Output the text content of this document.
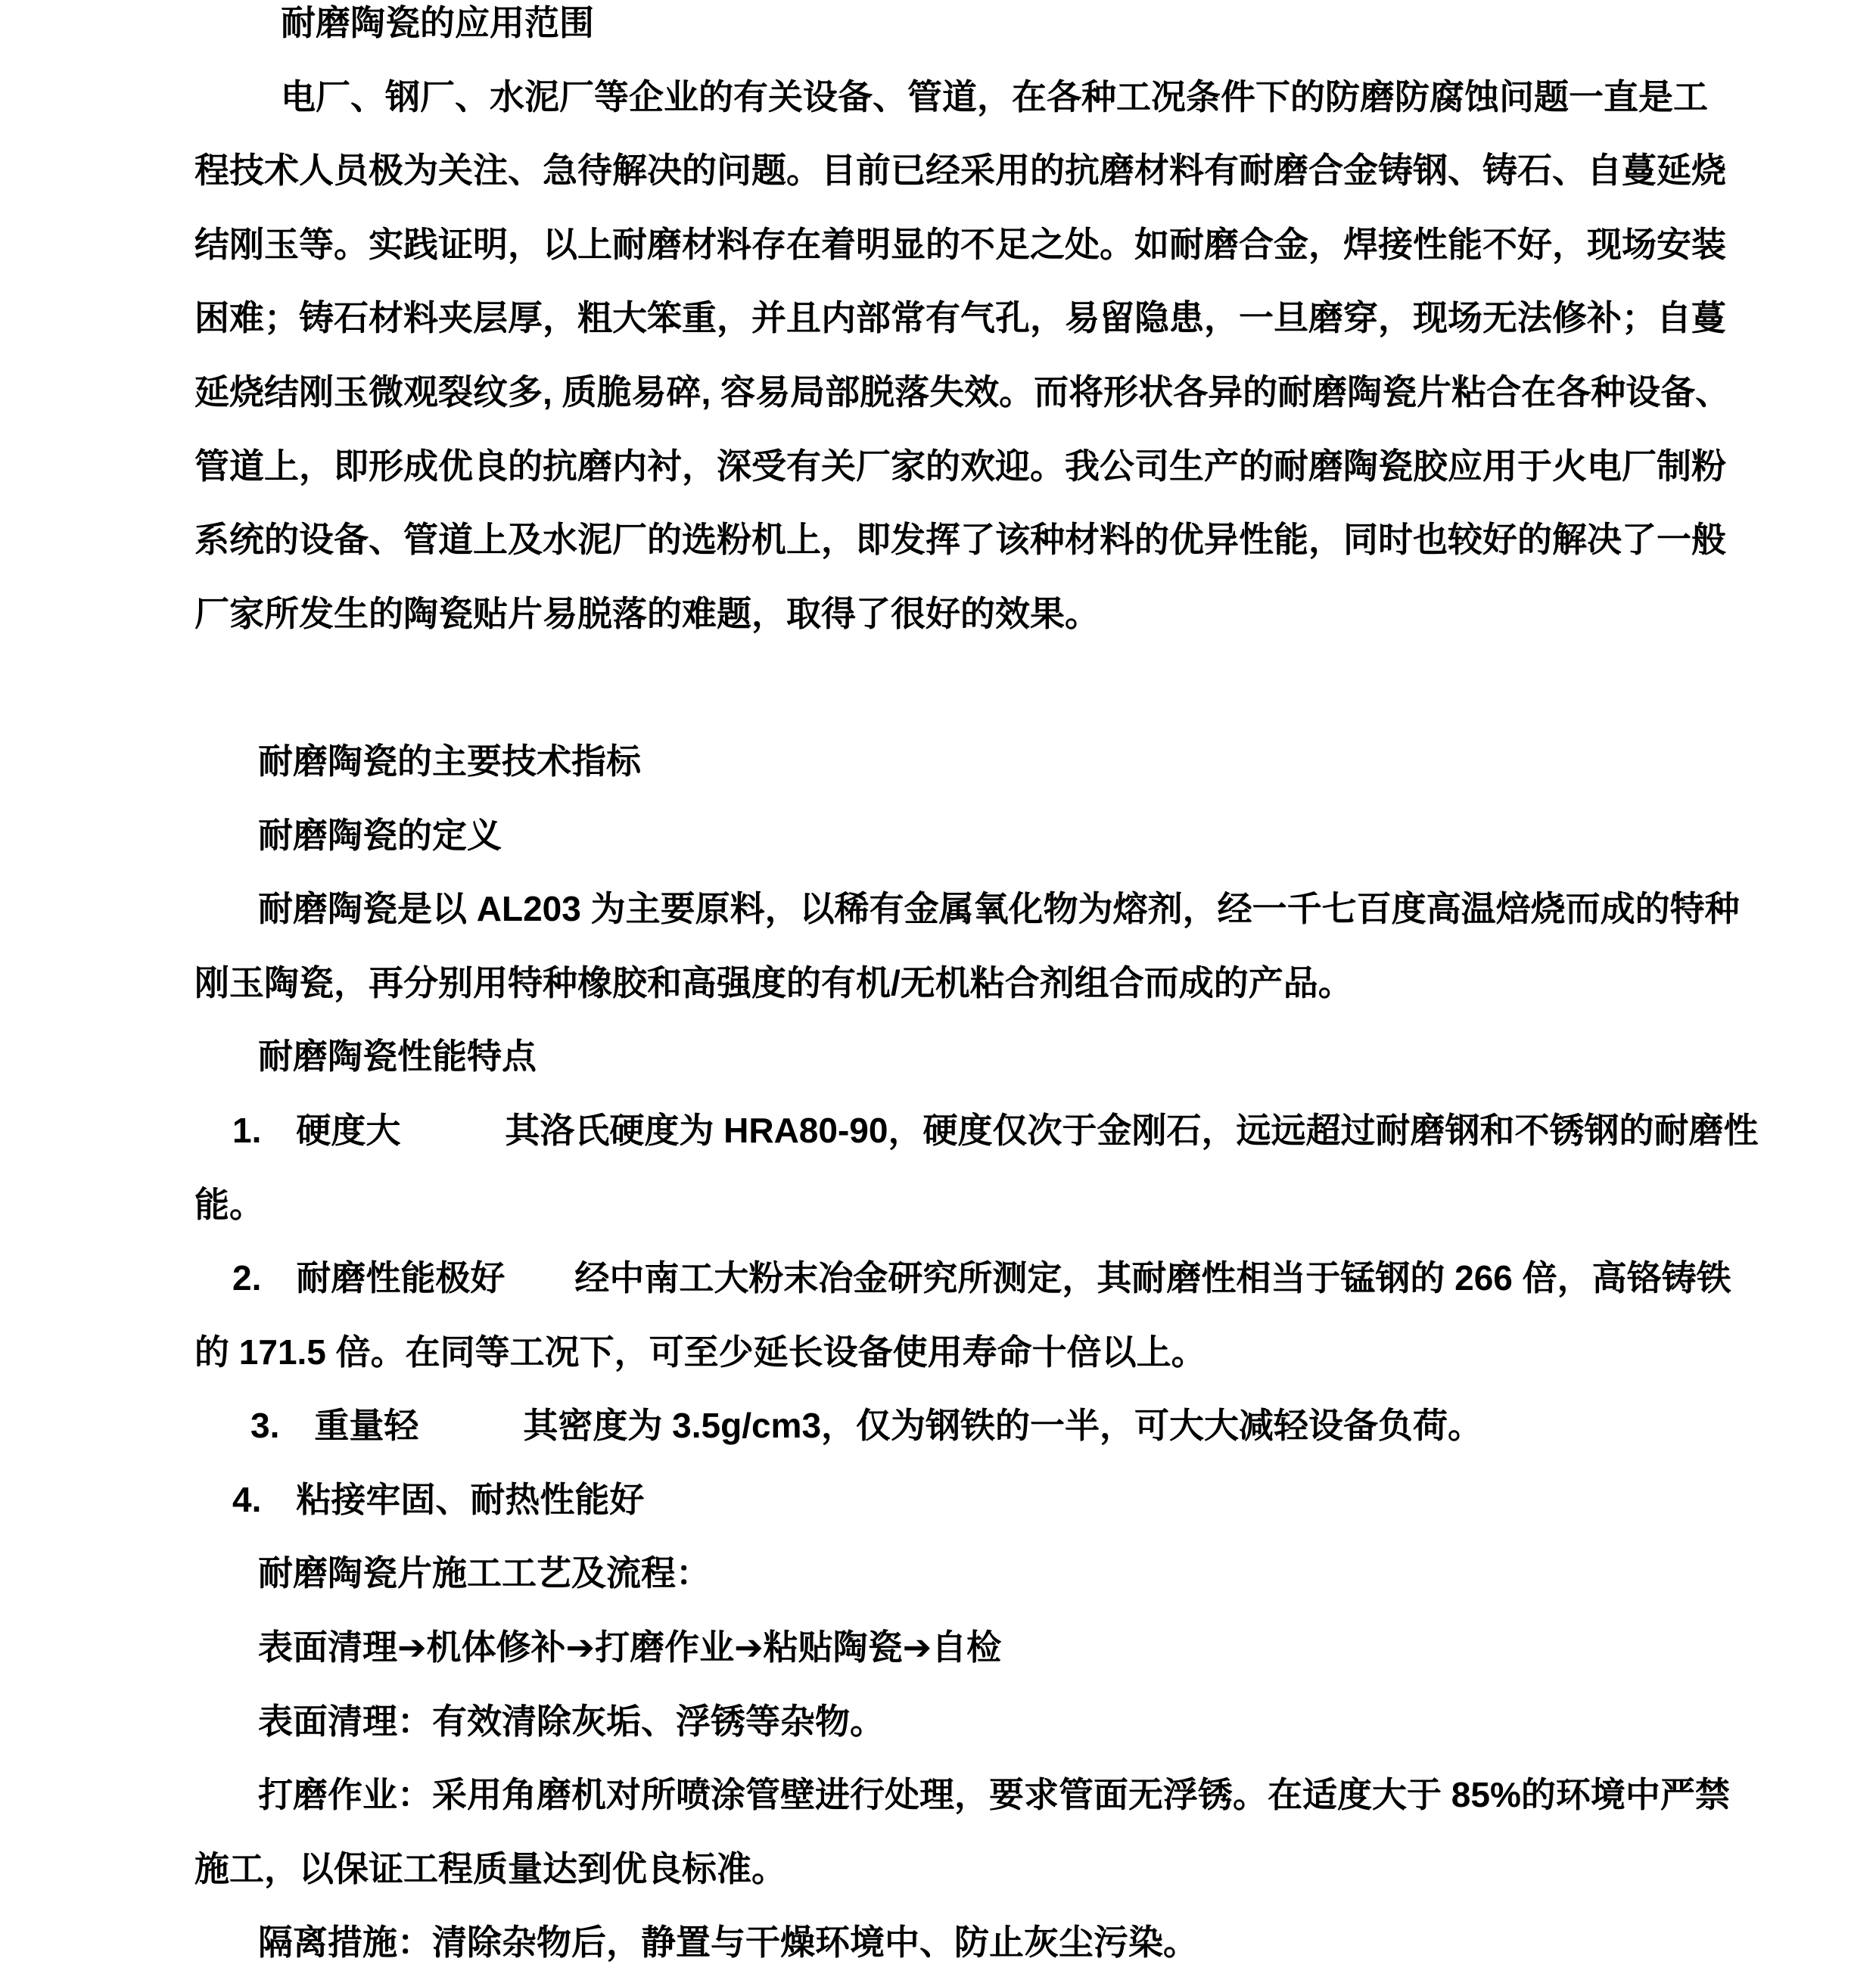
耐磨陶瓷的应用范围
电厂、钢厂、水泥厂等企业的有关设备、管道，在各种工况条件下的防磨防腐蚀问题一直是工
程技术人员极为关注、急待解决的问题。目前已经采用的抗磨材料有耐磨合金铸钢、铸石、自蔓延烧
结刚玉等。实践证明，以上耐磨材料存在着明显的不足之处。如耐磨合金，焊接性能不好，现场安装
困难；铸石材料夹层厚，粗大笨重，并且内部常有气孔，易留隐患，一旦磨穿，现场无法修补；自蔓
延烧结刚玉微观裂纹多, 质脆易碎, 容易局部脱落失效。而将形状各异的耐磨陶瓷片粘合在各种设备、
管道上，即形成优良的抗磨内衬，深受有关厂家的欢迎。我公司生产的耐磨陶瓷胶应用于火电厂制粉
系统的设备、管道上及水泥厂的选粉机上，即发挥了该种材料的优异性能，同时也较好的解决了一般
厂家所发生的陶瓷贴片易脱落的难题，取得了很好的效果。
耐磨陶瓷的主要技术指标
耐磨陶瓷的定义
耐磨陶瓷是以 AL203 为主要原料，以稀有金属氧化物为熔剂，经一千七百度高温焙烧而成的特种
刚玉陶瓷，再分别用特种橡胶和高强度的有机/无机粘合剂组合而成的产品。
耐磨陶瓷性能特点
1.　硬度大　　　其洛氏硬度为 HRA80-90，硬度仅次于金刚石，远远超过耐磨钢和不锈钢的耐磨性
能。
2.　耐磨性能极好　　经中南工大粉末冶金研究所测定，其耐磨性相当于锰钢的 266 倍，高铬铸铁
的 171.5 倍。在同等工况下，可至少延长设备使用寿命十倍以上。
3.　重量轻　　　其密度为 3.5g/cm3，仅为钢铁的一半，可大大减轻设备负荷。
4.　粘接牢固、耐热性能好
耐磨陶瓷片施工工艺及流程：
表面清理➔机体修补➔打磨作业➔粘贴陶瓷➔自检
表面清理：有效清除灰垢、浮锈等杂物。
打磨作业：采用角磨机对所喷涂管壁进行处理，要求管面无浮锈。在适度大于 85%的环境中严禁
施工，以保证工程质量达到优良标准。
隔离措施：清除杂物后，静置与干燥环境中、防止灰尘污染。
